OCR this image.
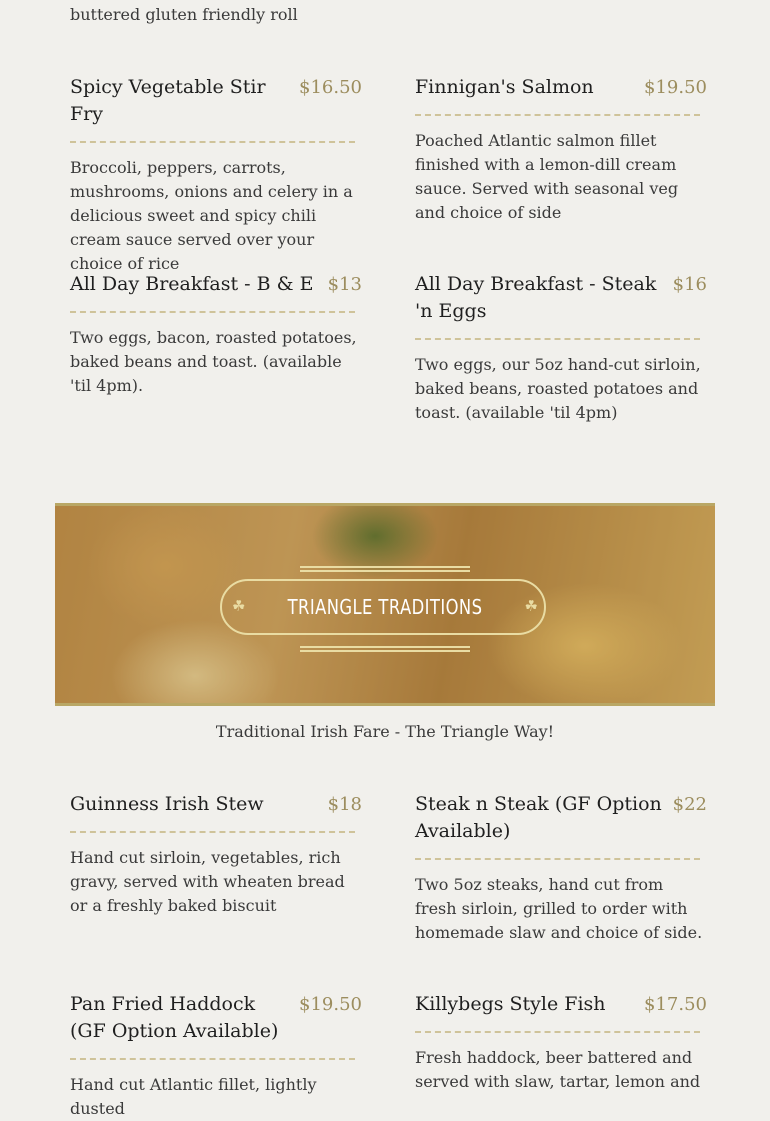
buttered gluten friendly roll
Spicy Vegetable Stir Fry
$16.50
Broccoli, peppers, carrots, mushrooms, onions and celery in a delicious sweet and spicy chili cream sauce served over your choice of rice
Finnigan's Salmon	$19.50
Poached Atlantic salmon fillet finished with a lemon-dill cream sauce. Served with seasonal veg and choice of side
All Day Breakfast - B & E $13
Two eggs, bacon, roasted potatoes, baked beans and toast. (available 'til 4pm).
All Day Breakfast - Steak 'n Eggs
$16
Two eggs, our 5oz hand-cut sirloin, baked beans, roasted potatoes and toast. (available 'til 4pm)
☘	☘
TRIANGLE TRADITIONS
Traditional Irish Fare - The Triangle Way!
Guinness Irish Stew	$18
Hand cut sirloin, vegetables, rich gravy, served with wheaten bread or a freshly baked biscuit
Steak n Steak (GF Option Available)
$22
Two 5oz steaks, hand cut from fresh sirloin, grilled to order with homemade slaw and choice of side.
Pan Fried Haddock (GF Option Available)
$19.50
Hand cut Atlantic fillet, lightly dusted
Killybegs Style Fish	$17.50
Fresh haddock, beer battered and served with slaw, tartar, lemon and
